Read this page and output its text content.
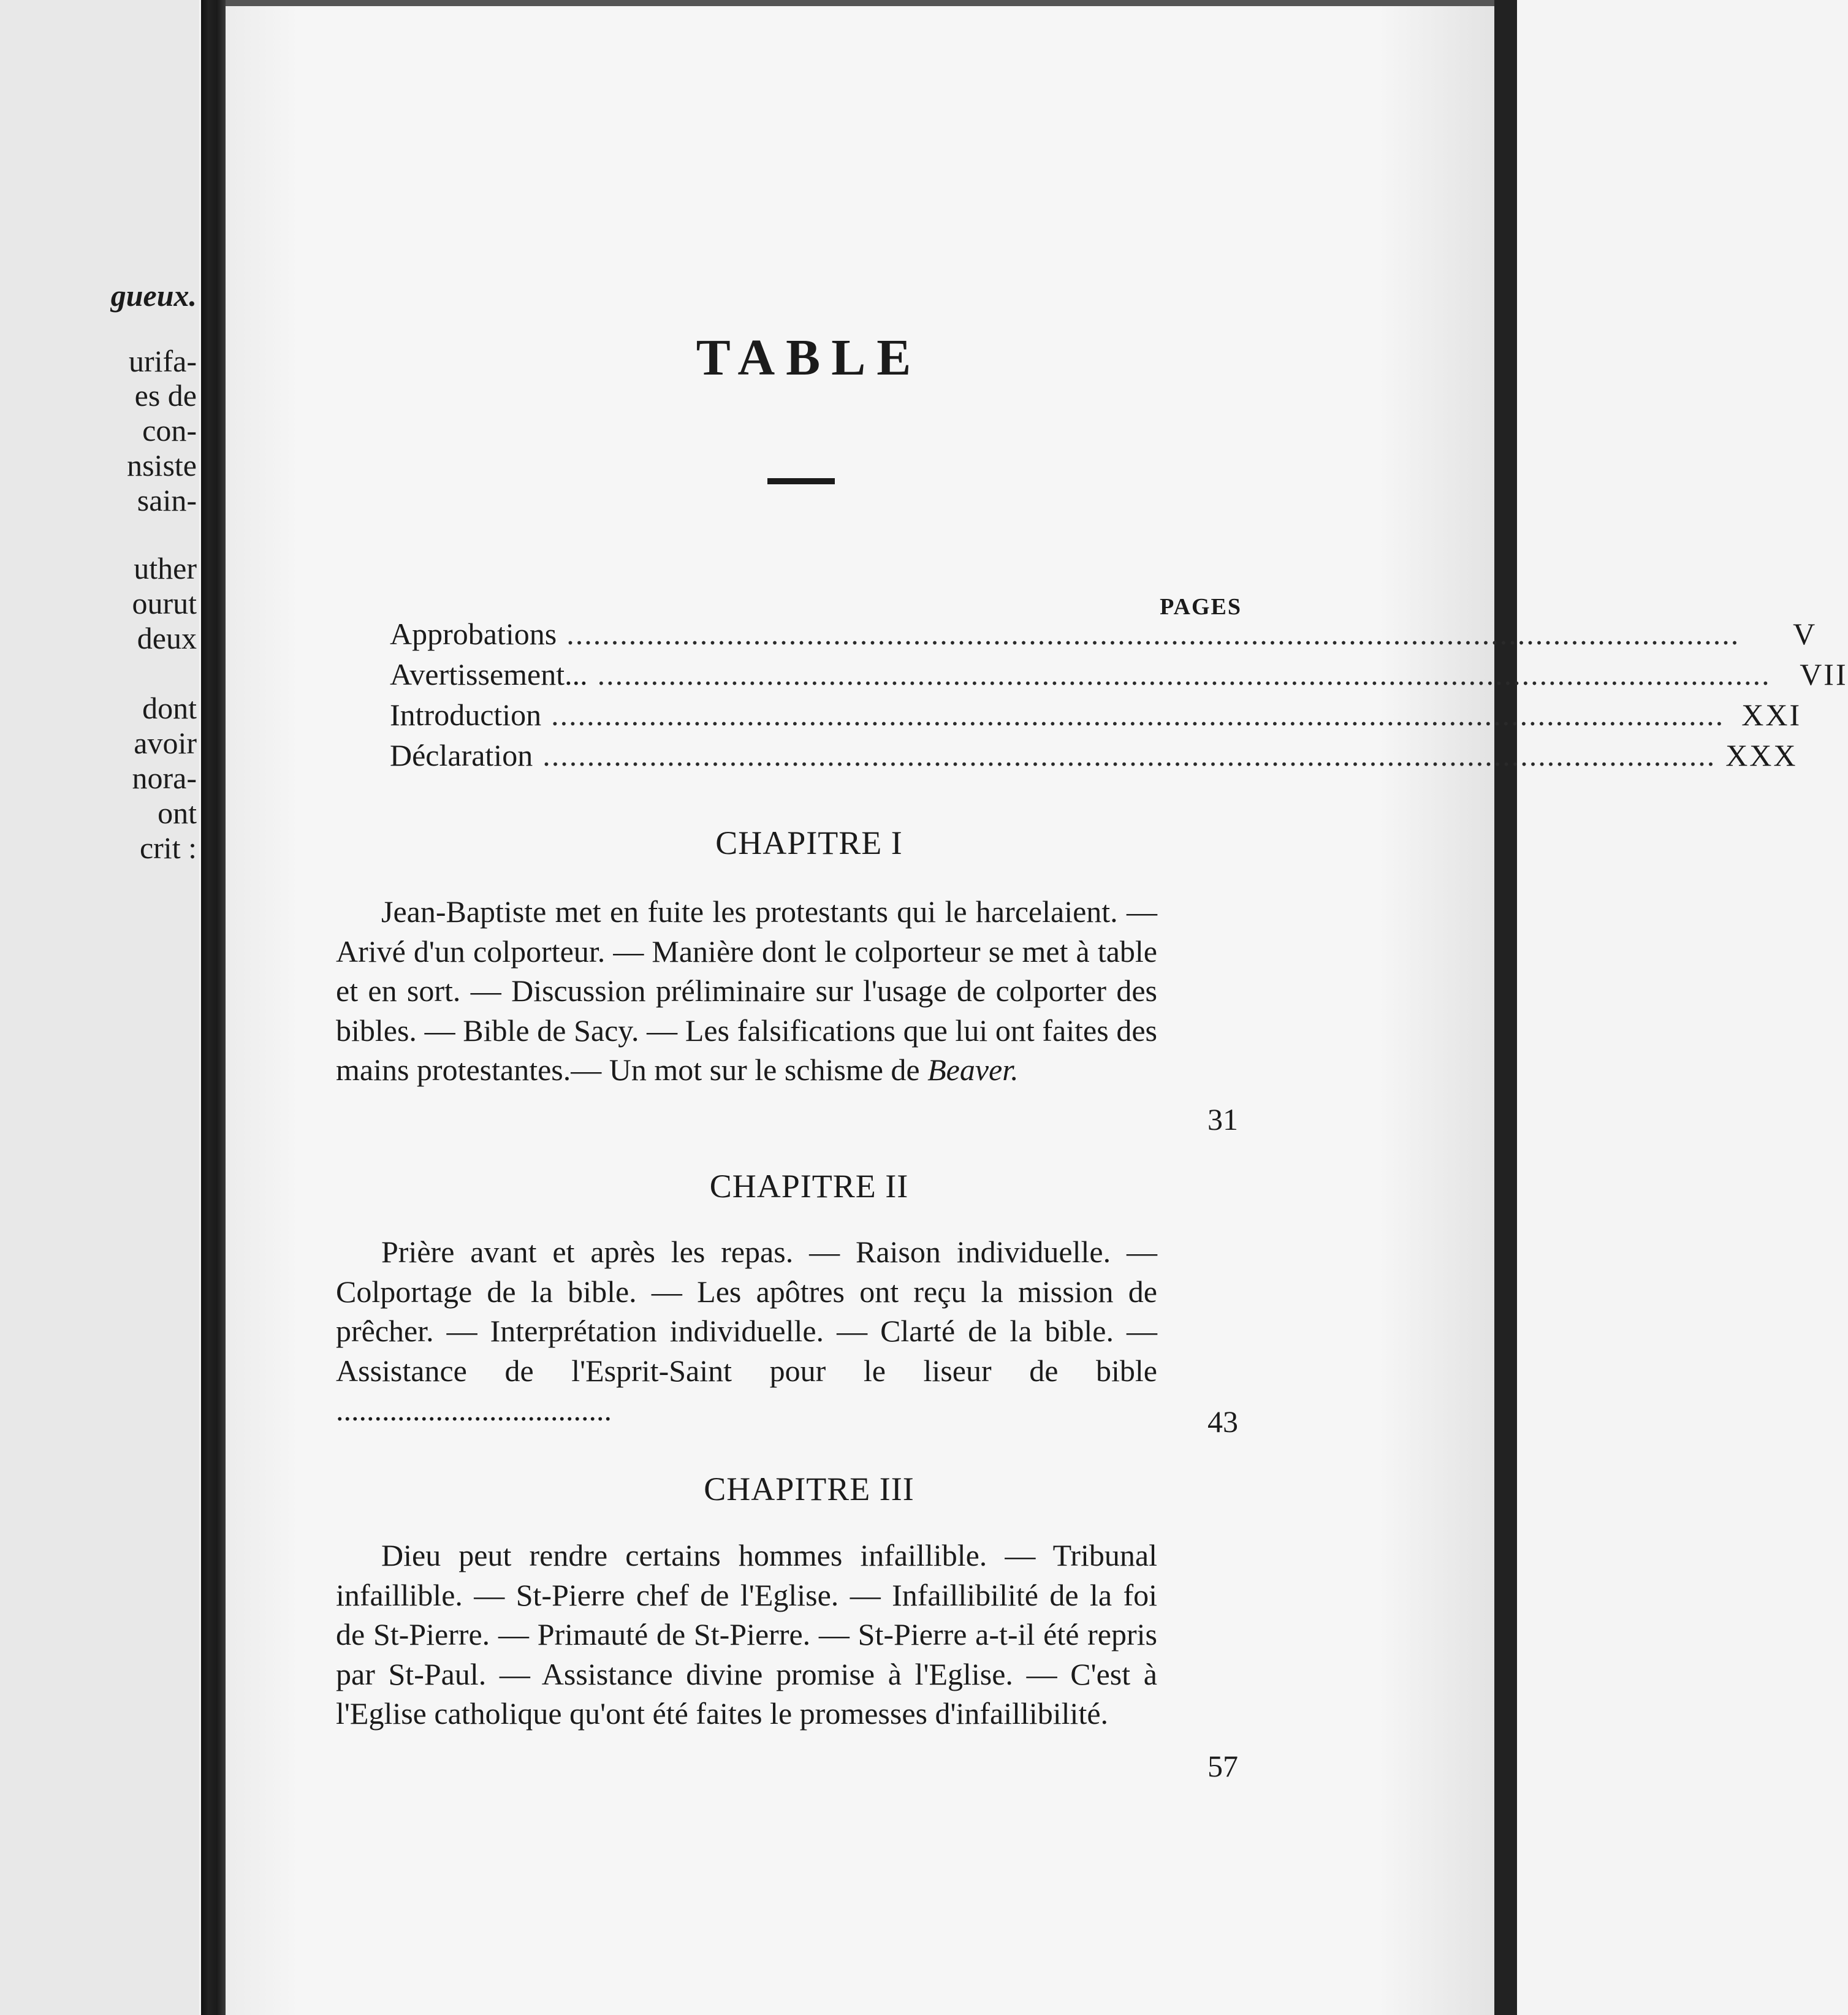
gueux.
urifa-
es de
con-
nsiste
sain-
uther
ourut
deux
dont
avoir
nora-
ont
crit :
TABLE
PAGES
Approbations ....................................................................................................................................	V
Avertissement... .................................................................................................................................... VII
Introduction .................................................................................................................................... XXI
Déclaration .................................................................................................................................... XXX
CHAPITRE I
Jean-Baptiste met en fuite les protestants qui le harcelaient. — Arivé d'un colporteur. — Manière dont le colporteur se met à table et en sort. — Discussion préliminaire sur l'usage de colporter des bibles. — Bible de Sacy. — Les falsifications que lui ont faites des mains protestantes.— Un mot sur le schisme de Beaver.
31
CHAPITRE II
Prière avant et après les repas. — Raison individuelle. — Colportage de la bible. — Les apôtres ont reçu la mission de prêcher. — Interprétation individuelle. — Clarté de la bible. — Assistance de l'Esprit-Saint pour le liseur de bible ....................................	43
CHAPITRE III
Dieu peut rendre certains hommes infaillible. — Tribunal infaillible. — St-Pierre chef de l'Eglise. — Infaillibilité de la foi de St-Pierre. — Primauté de St-Pierre. — St-Pierre a-t-il été repris par St-Paul. — Assistance divine promise à l'Eglise. — C'est à l'Eglise catholique qu'ont été faites le promesses d'infaillibilité.
57
